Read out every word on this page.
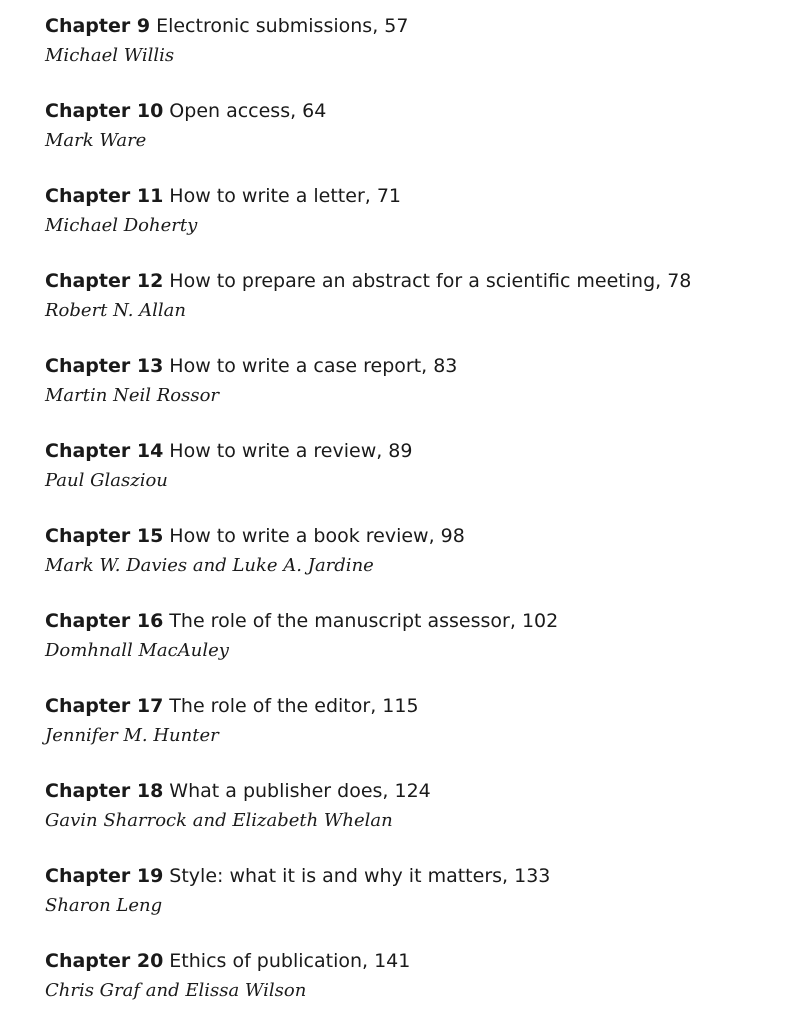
Chapter 9 Electronic submissions, 57
Michael Willis
Chapter 10 Open access, 64
Mark Ware
Chapter 11 How to write a letter, 71
Michael Doherty
Chapter 12 How to prepare an abstract for a scientific meeting, 78
Robert N. Allan
Chapter 13 How to write a case report, 83
Martin Neil Rossor
Chapter 14 How to write a review, 89
Paul Glasziou
Chapter 15 How to write a book review, 98
Mark W. Davies and Luke A. Jardine
Chapter 16 The role of the manuscript assessor, 102
Domhnall MacAuley
Chapter 17 The role of the editor, 115
Jennifer M. Hunter
Chapter 18 What a publisher does, 124
Gavin Sharrock and Elizabeth Whelan
Chapter 19 Style: what it is and why it matters, 133
Sharon Leng
Chapter 20 Ethics of publication, 141
Chris Graf and Elissa Wilson
